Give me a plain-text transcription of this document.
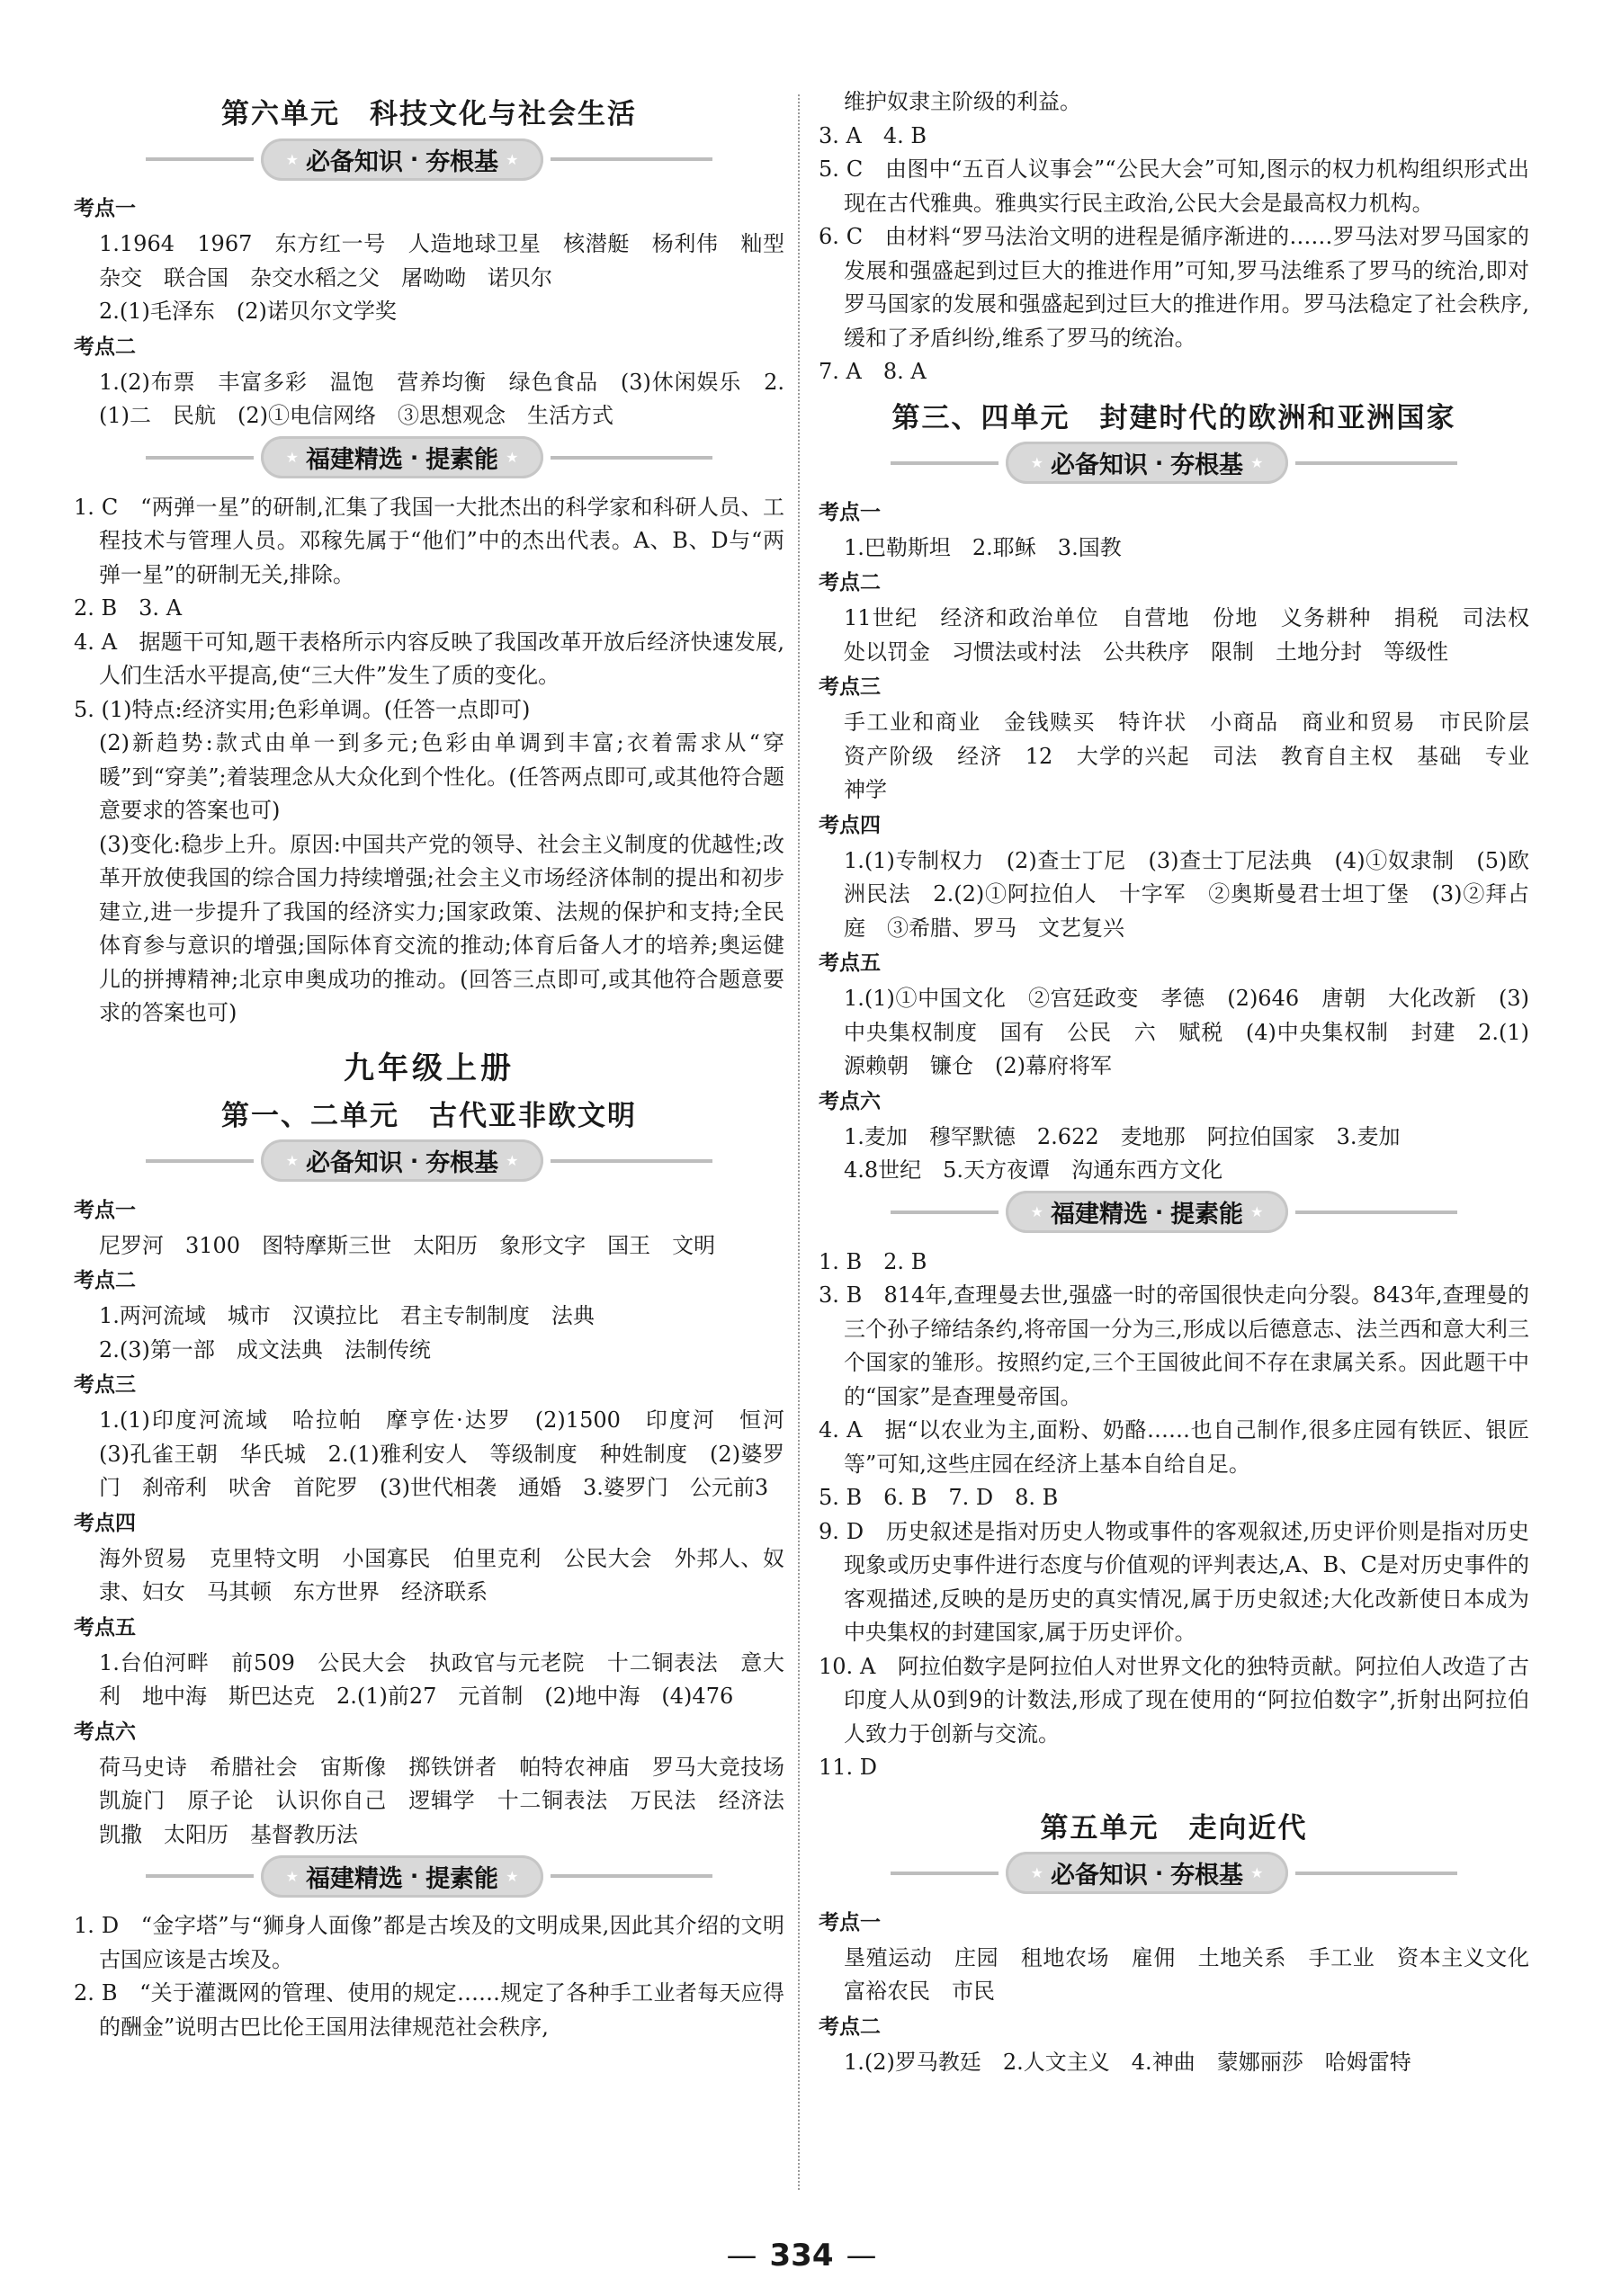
第六单元　科技文化与社会生活
★ 必备知识 · 夯根基 ★
考点一
1.1964　1967　东方红一号　人造地球卫星　核潜艇　杨利伟　籼型杂交　联合国　杂交水稻之父　屠呦呦　诺贝尔
2.(1)毛泽东　(2)诺贝尔文学奖
考点二
1.(2)布票　丰富多彩　温饱　营养均衡　绿色食品　(3)休闲娱乐　2.(1)二　民航　(2)①电信网络　③思想观念　生活方式
★ 福建精选 · 提素能 ★
1. C　“两弹一星”的研制,汇集了我国一大批杰出的科学家和科研人员、工程技术与管理人员。邓稼先属于“他们”中的杰出代表。A、B、D与“两弹一星”的研制无关,排除。
2. B　3. A
4. A　据题干可知,题干表格所示内容反映了我国改革开放后经济快速发展,人们生活水平提高,使“三大件”发生了质的变化。
5. (1)特点:经济实用;色彩单调。(任答一点即可)
(2)新趋势:款式由单一到多元;色彩由单调到丰富;衣着需求从“穿暖”到“穿美”;着装理念从大众化到个性化。(任答两点即可,或其他符合题意要求的答案也可)
(3)变化:稳步上升。原因:中国共产党的领导、社会主义制度的优越性;改革开放使我国的综合国力持续增强;社会主义市场经济体制的提出和初步建立,进一步提升了我国的经济实力;国家政策、法规的保护和支持;全民体育参与意识的增强;国际体育交流的推动;体育后备人才的培养;奥运健儿的拼搏精神;北京申奥成功的推动。(回答三点即可,或其他符合题意要求的答案也可)
九年级上册
第一、二单元　古代亚非欧文明
★ 必备知识 · 夯根基 ★
考点一
尼罗河　3100　图特摩斯三世　太阳历　象形文字　国王　文明
考点二
1.两河流域　城市　汉谟拉比　君主专制制度　法典
2.(3)第一部　成文法典　法制传统
考点三
1.(1)印度河流域　哈拉帕　摩亨佐·达罗　(2)1500　印度河　恒河　(3)孔雀王朝　华氏城　2.(1)雅利安人　等级制度　种姓制度　(2)婆罗门　刹帝利　吠舍　首陀罗　(3)世代相袭　通婚　3.婆罗门　公元前3
考点四
海外贸易　克里特文明　小国寡民　伯里克利　公民大会　外邦人、奴隶、妇女　马其顿　东方世界　经济联系
考点五
1.台伯河畔　前509　公民大会　执政官与元老院　十二铜表法　意大利　地中海　斯巴达克　2.(1)前27　元首制　(2)地中海　(4)476
考点六
荷马史诗　希腊社会　宙斯像　掷铁饼者　帕特农神庙　罗马大竞技场　凯旋门　原子论　认识你自己　逻辑学　十二铜表法　万民法　经济法　凯撒　太阳历　基督教历法
★ 福建精选 · 提素能 ★
1. D　“金字塔”与“狮身人面像”都是古埃及的文明成果,因此其介绍的文明古国应该是古埃及。
2. B　“关于灌溉网的管理、使用的规定……规定了各种手工业者每天应得的酬金”说明古巴比伦王国用法律规范社会秩序,
维护奴隶主阶级的利益。
3. A　4. B
5. C　由图中“五百人议事会”“公民大会”可知,图示的权力机构组织形式出现在古代雅典。雅典实行民主政治,公民大会是最高权力机构。
6. C　由材料“罗马法治文明的进程是循序渐进的……罗马法对罗马国家的发展和强盛起到过巨大的推进作用”可知,罗马法维系了罗马的统治,即对罗马国家的发展和强盛起到过巨大的推进作用。罗马法稳定了社会秩序,缓和了矛盾纠纷,维系了罗马的统治。
7. A　8. A
第三、四单元　封建时代的欧洲和亚洲国家
★ 必备知识 · 夯根基 ★
考点一
1.巴勒斯坦　2.耶稣　3.国教
考点二
11世纪　经济和政治单位　自营地　份地　义务耕种　捐税　司法权　处以罚金　习惯法或村法　公共秩序　限制　土地分封　等级性
考点三
手工业和商业　金钱赎买　特许状　小商品　商业和贸易　市民阶层　资产阶级　经济　12　大学的兴起　司法　教育自主权　基础　专业　神学
考点四
1.(1)专制权力　(2)查士丁尼　(3)查士丁尼法典　(4)①奴隶制　(5)欧洲民法　2.(2)①阿拉伯人　十字军　②奥斯曼君士坦丁堡　(3)②拜占庭　③希腊、罗马　文艺复兴
考点五
1.(1)①中国文化　②宫廷政变　孝德　(2)646　唐朝　大化改新　(3)中央集权制度　国有　公民　六　赋税　(4)中央集权制　封建　2.(1)源赖朝　镰仓　(2)幕府将军
考点六
1.麦加　穆罕默德　2.622　麦地那　阿拉伯国家　3.麦加
4.8世纪　5.天方夜谭　沟通东西方文化
★ 福建精选 · 提素能 ★
1. B　2. B
3. B　814年,查理曼去世,强盛一时的帝国很快走向分裂。843年,查理曼的三个孙子缔结条约,将帝国一分为三,形成以后德意志、法兰西和意大利三个国家的雏形。按照约定,三个王国彼此间不存在隶属关系。因此题干中的“国家”是查理曼帝国。
4. A　据“以农业为主,面粉、奶酪……也自己制作,很多庄园有铁匠、银匠等”可知,这些庄园在经济上基本自给自足。
5. B　6. B　7. D　8. B
9. D　历史叙述是指对历史人物或事件的客观叙述,历史评价则是指对历史现象或历史事件进行态度与价值观的评判表达,A、B、C是对历史事件的客观描述,反映的是历史的真实情况,属于历史叙述;大化改新使日本成为中央集权的封建国家,属于历史评价。
10. A　阿拉伯数字是阿拉伯人对世界文化的独特贡献。阿拉伯人改造了古印度人从0到9的计数法,形成了现在使用的“阿拉伯数字”,折射出阿拉伯人致力于创新与交流。
11. D
第五单元　走向近代
★ 必备知识 · 夯根基 ★
考点一
垦殖运动　庄园　租地农场　雇佣　土地关系　手工业　资本主义文化　富裕农民　市民
考点二
1.(2)罗马教廷　2.人文主义　4.神曲　蒙娜丽莎　哈姆雷特
— 334 —
